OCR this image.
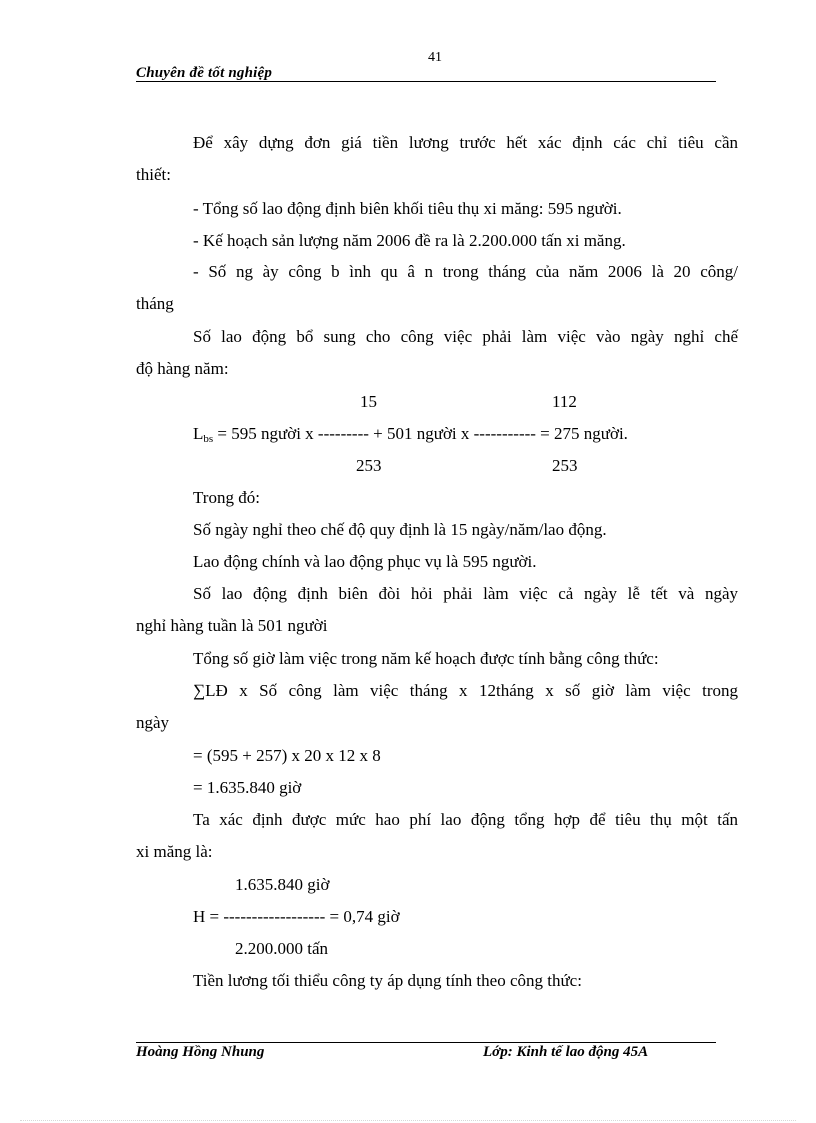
41
Chuyên đề tốt nghiệp
Để xây dựng đơn giá tiền lương trước hết xác định các chỉ tiêu cần
thiết:
- Tổng số lao động định biên khối tiêu thụ xi măng: 595 người.
- Kế hoạch sản lượng năm 2006 đề ra là 2.200.000 tấn xi măng.
- Số ng ày công b ình qu â n trong tháng của năm 2006 là 20 công/
tháng
Số lao động bổ sung cho công việc phải làm việc vào ngày nghỉ chế
độ hàng năm:
15	112
$L_{bs} = 595$ người x --------- + 501 người x ----------- = 275 người.
253	253
Trong đó:
Số ngày nghỉ theo chế độ quy định là 15 ngày/năm/lao động.
Lao động chính và lao động phục vụ là 595 người.
Số lao động định biên đòi hỏi phải làm việc cả ngày lễ tết và ngày
nghỉ hàng tuần là 501 người
Tổng số giờ làm việc trong năm kế hoạch được tính bằng công thức:
∑LĐ x Số công làm việc tháng x 12tháng x số giờ làm việc trong
ngày
= (595 + 257) x 20 x 12 x 8
= 1.635.840 giờ
Ta xác định được mức hao phí lao động tổng hợp để tiêu thụ một tấn
xi măng là:
1.635.840 giờ
H = ------------------ = 0,74 giờ
2.200.000 tấn
Tiền lương tối thiểu công ty áp dụng tính theo công thức:
Hoàng Hồng Nhung	Lớp: Kinh tế lao động 45A
